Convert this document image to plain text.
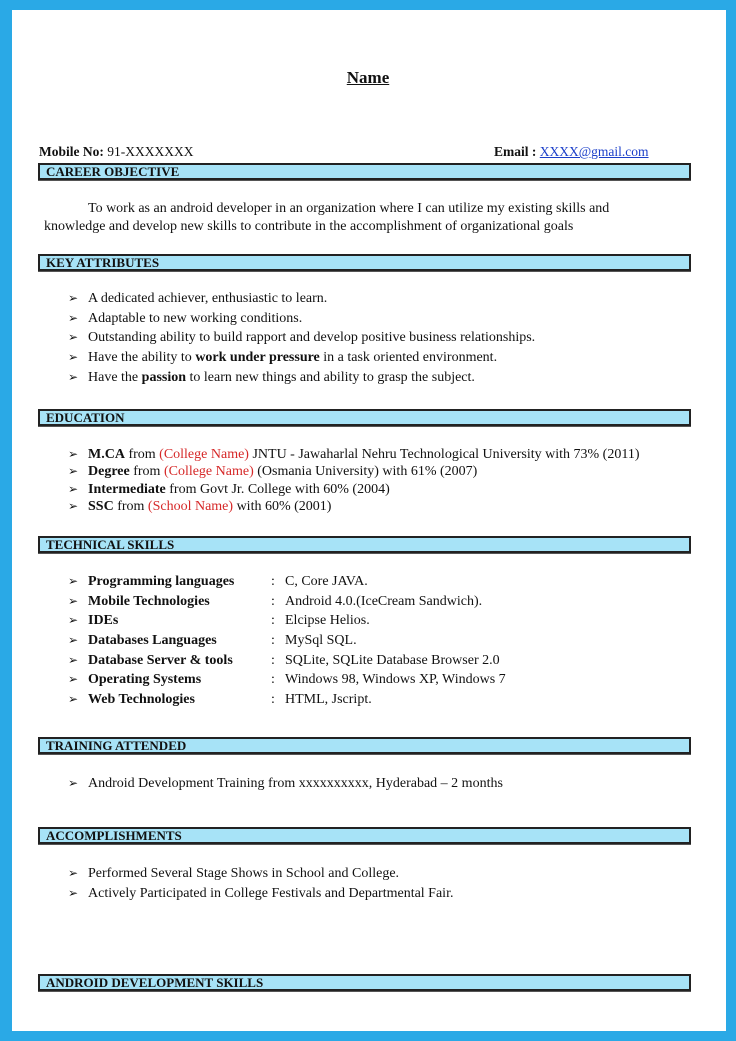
Name
Mobile No: 91-XXXXXXX	Email : XXXX@gmail.com
CAREER OBJECTIVE
To work as an android developer in an organization where I can utilize my existing skills and
knowledge and develop new skills to contribute in the accomplishment of organizational goals
KEY ATTRIBUTES
➢ A dedicated achiever, enthusiastic to learn.
➢ Adaptable to new working conditions.
➢ Outstanding ability to build rapport and develop positive business relationships.
➢ Have the ability to work under pressure in a task oriented environment.
➢ Have the passion to learn new things and ability to grasp the subject.
EDUCATION
➢ M.CA from (College Name) JNTU - Jawaharlal Nehru Technological University with 73% (2011)
➢ Degree from (College Name) (Osmania University) with 61% (2007)
➢ Intermediate from Govt Jr. College with 60% (2004)
➢ SSC from (School Name) with 60% (2001)
TECHNICAL SKILLS
➢ Programming languages	: C, Core JAVA.
➢ Mobile Technologies	: Android 4.0.(IceCream Sandwich).
➢ IDEs	: Elcipse Helios.
➢ Databases Languages	: MySql SQL.
➢ Database Server & tools	: SQLite, SQLite Database Browser 2.0
➢ Operating Systems	: Windows 98, Windows XP, Windows 7
➢ Web Technologies	: HTML, Jscript.
TRAINING ATTENDED
➢ Android Development Training from xxxxxxxxxx, Hyderabad – 2 months
ACCOMPLISHMENTS
➢ Performed Several Stage Shows in School and College.
➢ Actively Participated in College Festivals and Departmental Fair.
ANDROID DEVELOPMENT SKILLS
